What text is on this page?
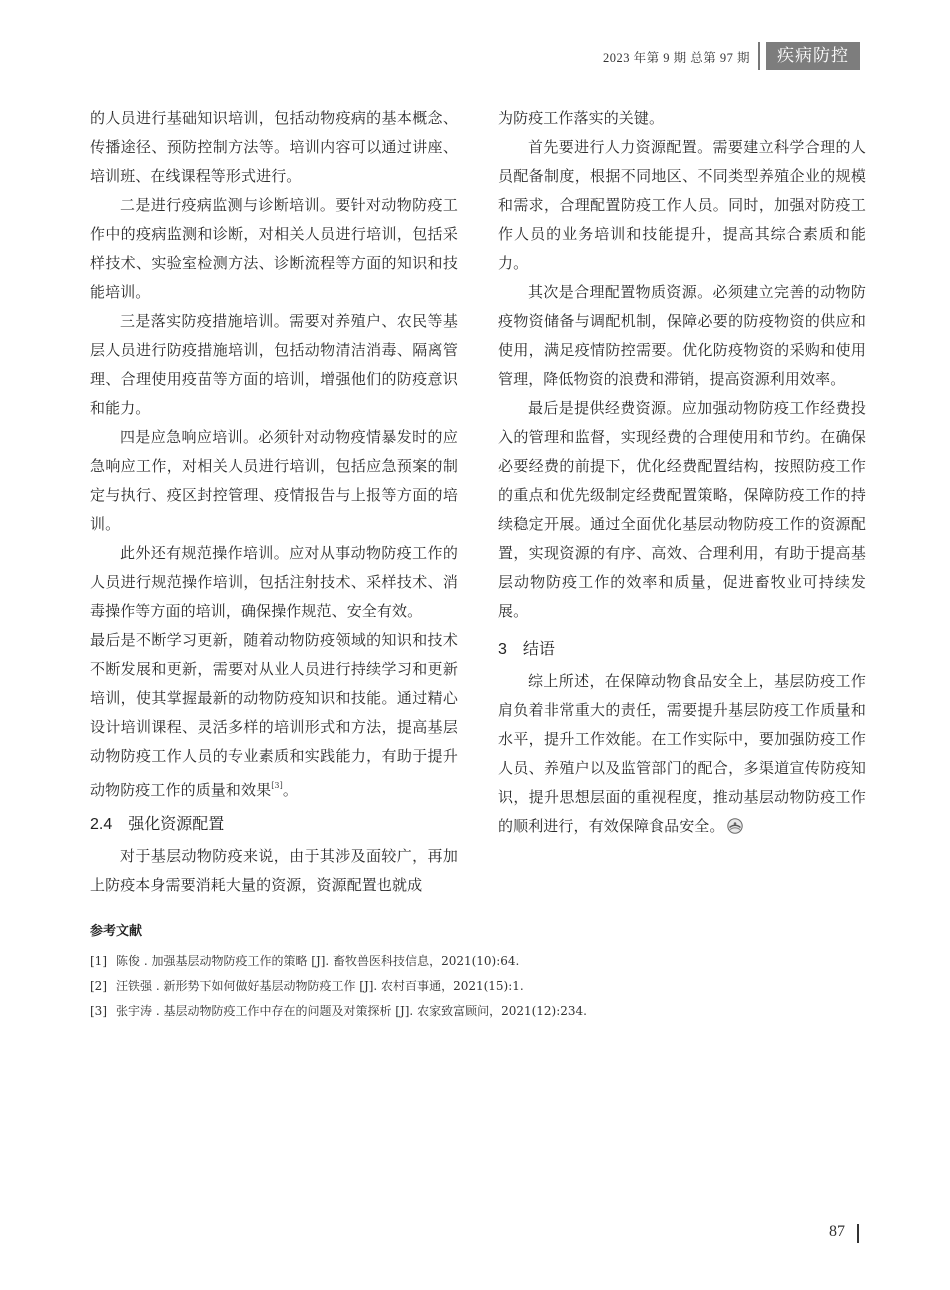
2023 年第 9 期 总第 97 期	疾病防控

的人员进行基础知识培训，包括动物疫病的基本概念、传播途径、预防控制方法等。培训内容可以通过讲座、培训班、在线课程等形式进行。

二是进行疫病监测与诊断培训。要针对动物防疫工作中的疫病监测和诊断，对相关人员进行培训，包括采样技术、实验室检测方法、诊断流程等方面的知识和技能培训。

三是落实防疫措施培训。需要对养殖户、农民等基层人员进行防疫措施培训，包括动物清洁消毒、隔离管理、合理使用疫苗等方面的培训，增强他们的防疫意识和能力。

四是应急响应培训。必须针对动物疫情暴发时的应急响应工作，对相关人员进行培训，包括应急预案的制定与执行、疫区封控管理、疫情报告与上报等方面的培训。

此外还有规范操作培训。应对从事动物防疫工作的人员进行规范操作培训，包括注射技术、采样技术、消毒操作等方面的培训，确保操作规范、安全有效。

最后是不断学习更新，随着动物防疫领域的知识和技术不断发展和更新，需要对从业人员进行持续学习和更新培训，使其掌握最新的动物防疫知识和技能。通过精心设计培训课程、灵活多样的培训形式和方法，提高基层动物防疫工作人员的专业素质和实践能力，有助于提升动物防疫工作的质量和效果[3]。

2.4 强化资源配置

对于基层动物防疫来说，由于其涉及面较广，再加上防疫本身需要消耗大量的资源，资源配置也就成

为防疫工作落实的关键。

首先要进行人力资源配置。需要建立科学合理的人员配备制度，根据不同地区、不同类型养殖企业的规模和需求，合理配置防疫工作人员。同时，加强对防疫工作人员的业务培训和技能提升，提高其综合素质和能力。

其次是合理配置物质资源。必须建立完善的动物防疫物资储备与调配机制，保障必要的防疫物资的供应和使用，满足疫情防控需要。优化防疫物资的采购和使用管理，降低物资的浪费和滞销，提高资源利用效率。

最后是提供经费资源。应加强动物防疫工作经费投入的管理和监督，实现经费的合理使用和节约。在确保必要经费的前提下，优化经费配置结构，按照防疫工作的重点和优先级制定经费配置策略，保障防疫工作的持续稳定开展。通过全面优化基层动物防疫工作的资源配置，实现资源的有序、高效、合理利用，有助于提高基层动物防疫工作的效率和质量，促进畜牧业可持续发展。

3 结语

综上所述，在保障动物食品安全上，基层防疫工作肩负着非常重大的责任，需要提升基层防疫工作质量和水平，提升工作效能。在工作实际中，要加强防疫工作人员、养殖户以及监管部门的配合，多渠道宣传防疫知识，提升思想层面的重视程度，推动基层动物防疫工作的顺利进行，有效保障食品安全。

参考文献
[1] 陈俊 . 加强基层动物防疫工作的策略 [J]. 畜牧兽医科技信息，2021(10):64.
[2] 汪铁强 . 新形势下如何做好基层动物防疫工作 [J]. 农村百事通，2021(15):1.
[3] 张宇涛 . 基层动物防疫工作中存在的问题及对策探析 [J]. 农家致富顾问，2021(12):234.
87
